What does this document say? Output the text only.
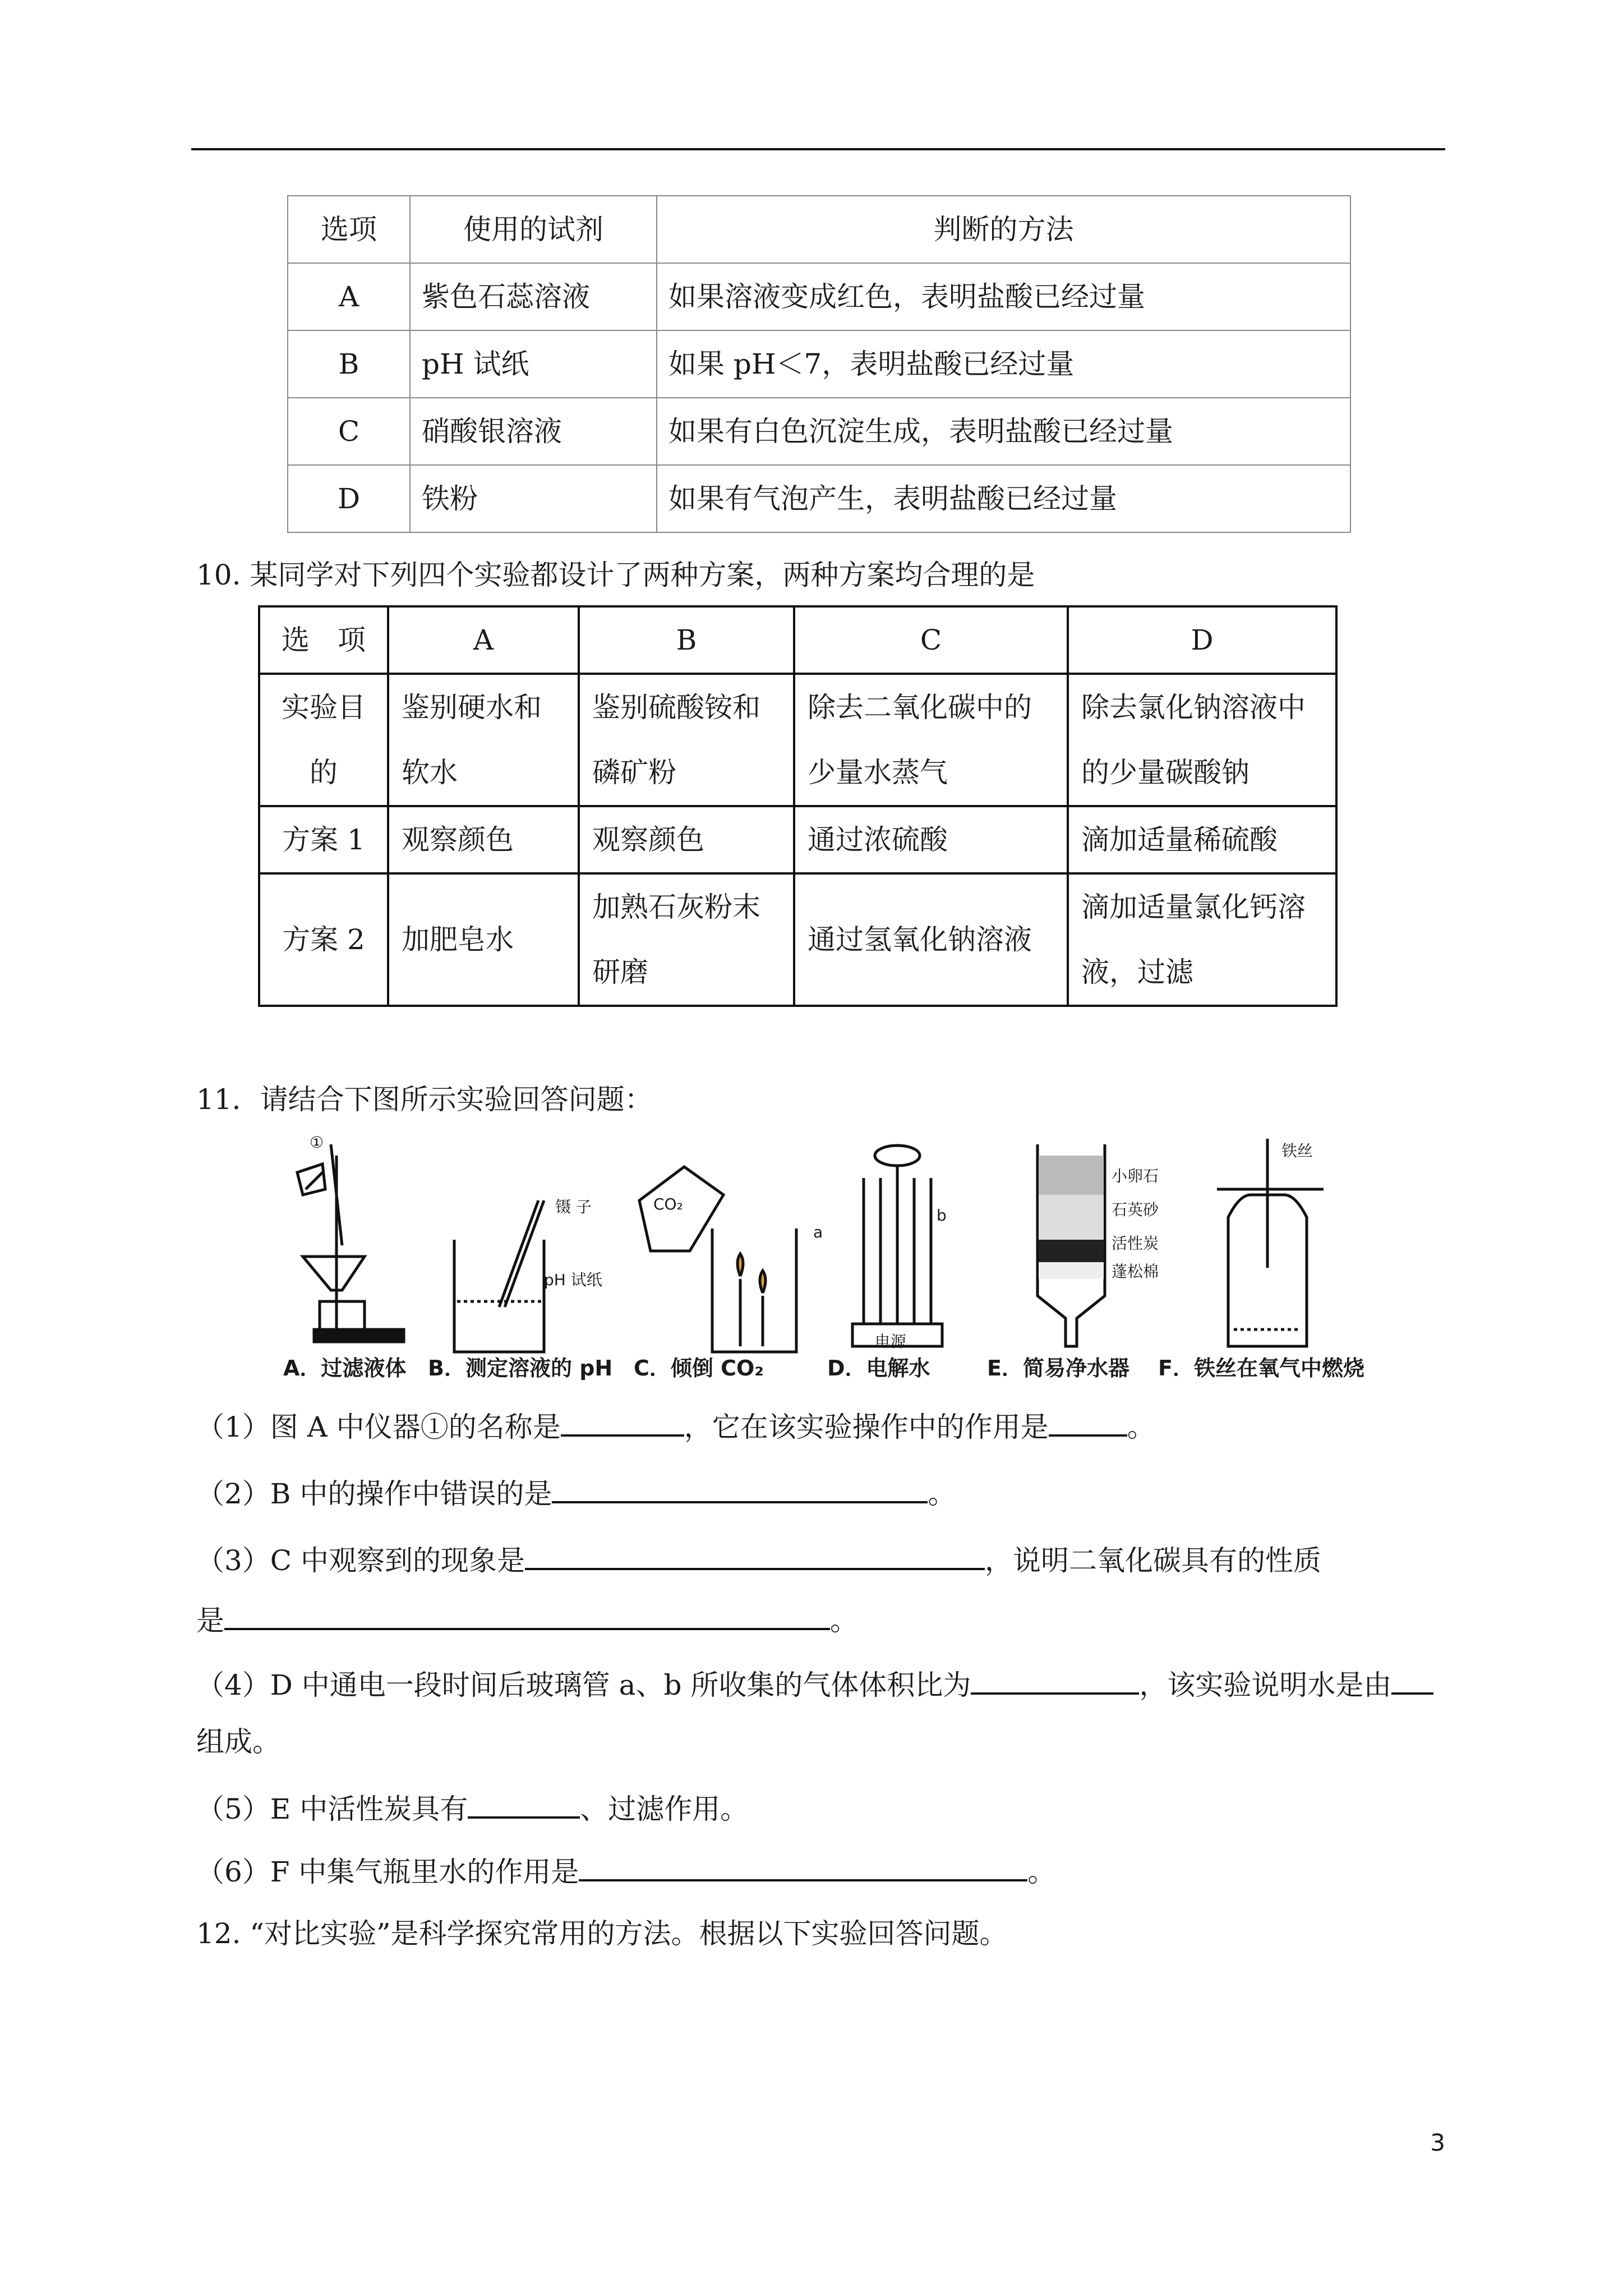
选项	使用的试剂	判断的方法
A	紫色石蕊溶液	如果溶液变成红色，表明盐酸已经过量
B	pH 试纸	如果 pH＜7，表明盐酸已经过量
C	硝酸银溶液	如果有白色沉淀生成，表明盐酸已经过量
D	铁粉	如果有气泡产生，表明盐酸已经过量
10. 某同学对下列四个实验都设计了两种方案，两种方案均合理的是
选　项	A	B	C	D
实验目的	鉴别硬水和软水	鉴别硫酸铵和磷矿粉	除去二氧化碳中的少量水蒸气	除去氯化钠溶液中的少量碳酸钠
方案 1	观察颜色	观察颜色	通过浓硫酸	滴加适量稀硫酸
方案 2	加肥皂水	加熟石灰粉末研磨	通过氢氧化钠溶液	滴加适量氯化钙溶液，过滤
11．请结合下图所示实验回答问题：
①
镊 子
pH 试纸
CO₂
a
b
电源
小卵石
石英砂
活性炭
蓬松棉
铁丝
A．过滤液体 B．测定溶液的 pH C．倾倒 CO₂	D．电解水	E．简易净水器 F．铁丝在氧气中燃烧
（1）图 A 中仪器①的名称是	，它在该实验操作中的作用是	。
（2）B 中的操作中错误的是	。
（3）C 中观察到的现象是	，说明二氧化碳具有的性质
是	。
（4）D 中通电一段时间后玻璃管 a、b 所收集的气体体积比为	，该实验说明水是由
组成。
（5）E 中活性炭具有	、过滤作用。
（6）F 中集气瓶里水的作用是	。
12. “对比实验”是科学探究常用的方法。根据以下实验回答问题。
3
